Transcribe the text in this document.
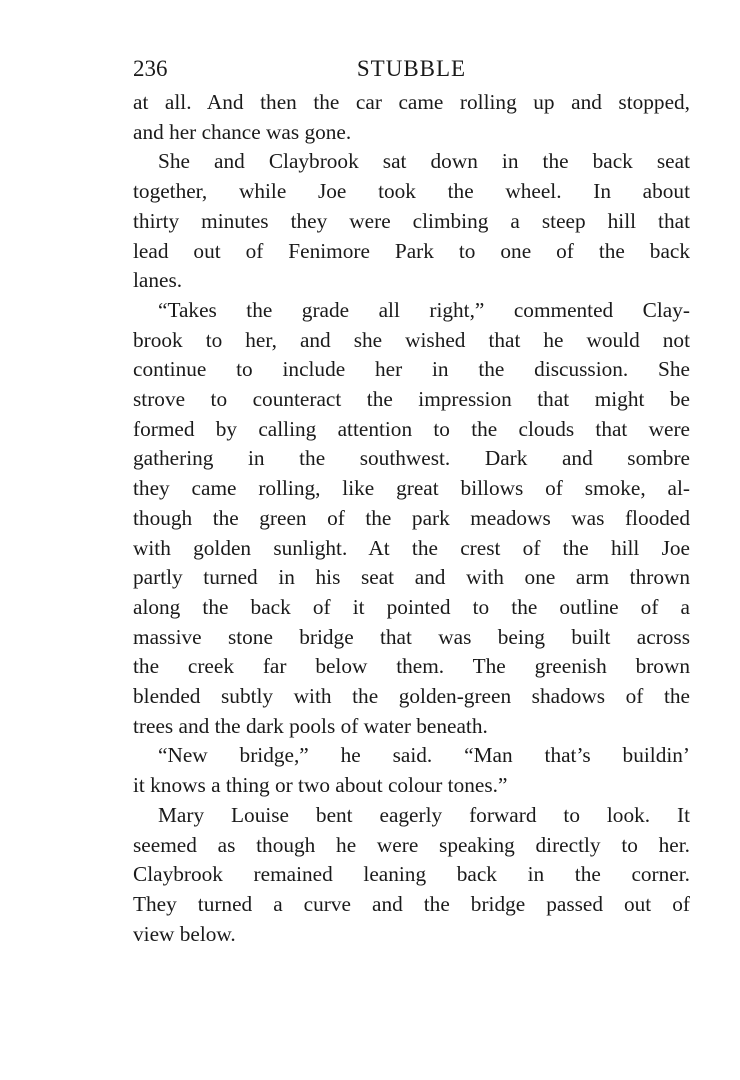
236	STUBBLE

at all. And then the car came rolling up and stopped,
and her chance was gone.

She and Claybrook sat down in the back seat
together, while Joe took the wheel. In about
thirty minutes they were climbing a steep hill that
lead out of Fenimore Park to one of the back
lanes.

“Takes the grade all right,” commented Clay-
brook to her, and she wished that he would not
continue to include her in the discussion. She
strove to counteract the impression that might be
formed by calling attention to the clouds that were
gathering in the southwest. Dark and sombre
they came rolling, like great billows of smoke, al-
though the green of the park meadows was flooded
with golden sunlight. At the crest of the hill Joe
partly turned in his seat and with one arm thrown
along the back of it pointed to the outline of a
massive stone bridge that was being built across
the creek far below them. The greenish brown
blended subtly with the golden-green shadows of the
trees and the dark pools of water beneath.

“New bridge,” he said. “Man that’s buildin’
it knows a thing or two about colour tones.”

Mary Louise bent eagerly forward to look. It
seemed as though he were speaking directly to her.
Claybrook remained leaning back in the corner.
They turned a curve and the bridge passed out of
view below.
